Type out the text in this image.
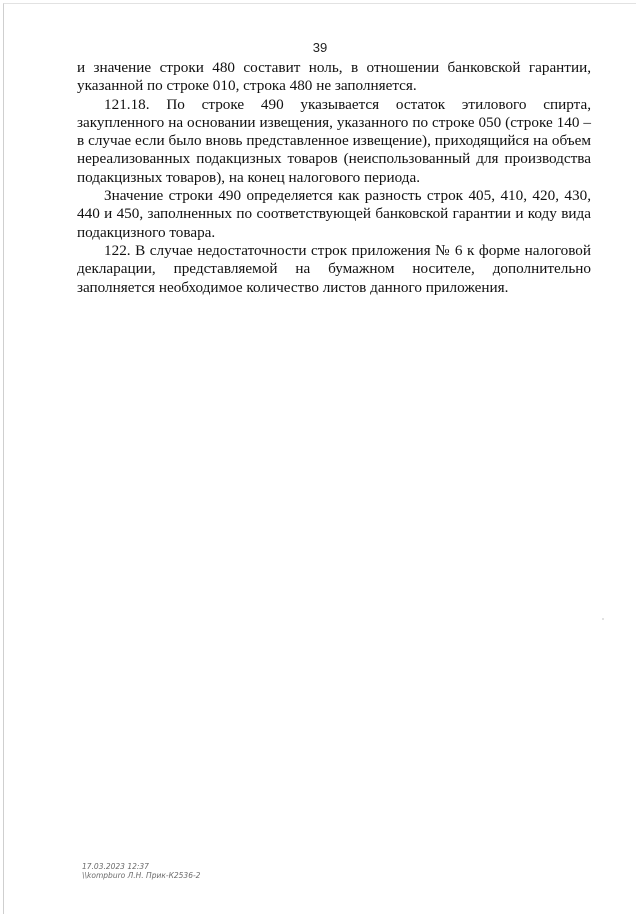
39

и значение строки 480 составит ноль, в отношении банковской гарантии, указанной по строке 010, строка 480 не заполняется.

121.18. По строке 490 указывается остаток этилового спирта, закупленного на основании извещения, указанного по строке 050 (строке 140 – в случае если было вновь представленное извещение), приходящийся на объем нереализованных подакцизных товаров (неиспользованный для производства подакцизных товаров), на конец налогового периода.

Значение строки 490 определяется как разность строк 405, 410, 420, 430, 440 и 450, заполненных по соответствующей банковской гарантии и коду вида подакцизного товара.

122. В случае недостаточности строк приложения № 6 к форме налоговой декларации, представляемой на бумажном носителе, дополнительно заполняется необходимое количество листов данного приложения.

17.03.2023 12:37
\\kompburo Л.Н. Прик-К2536-2
